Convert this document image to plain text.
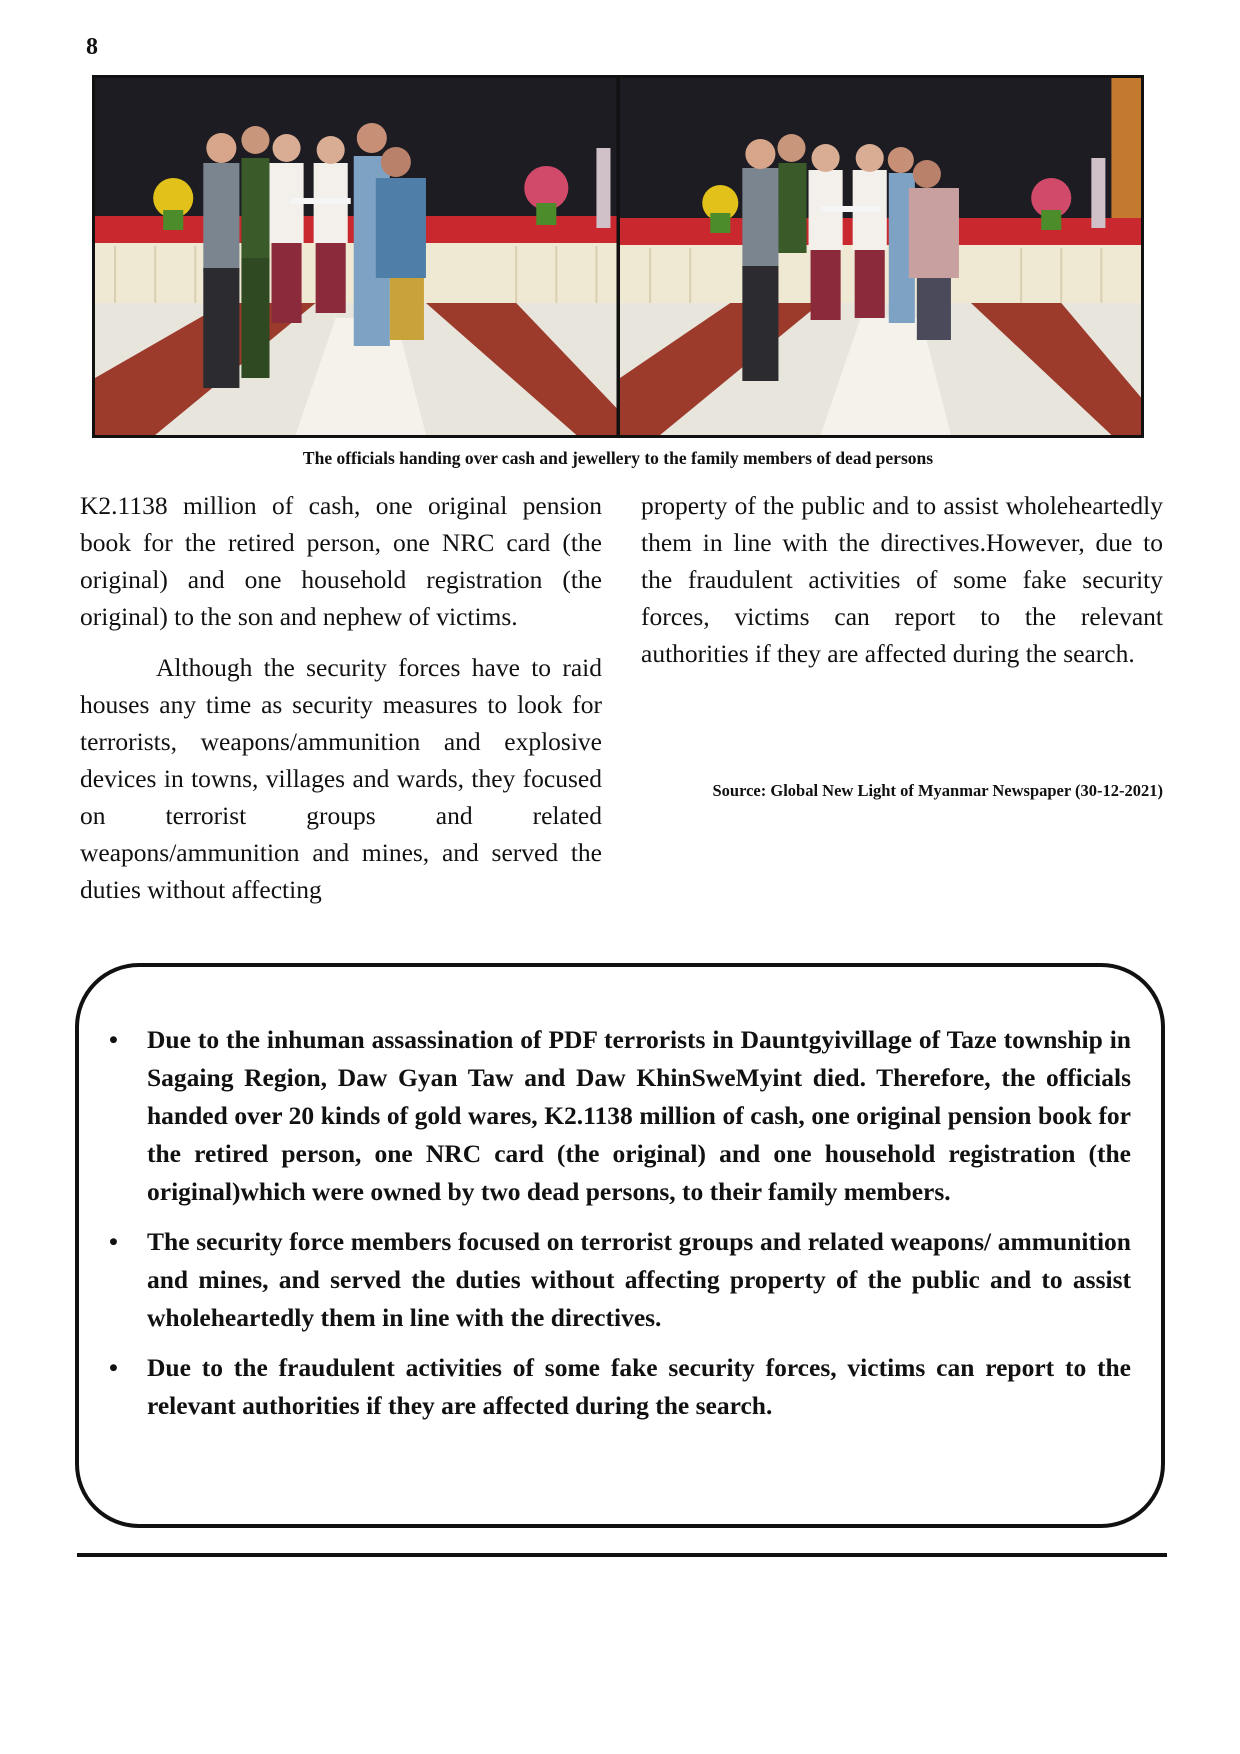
8
The officials handing over cash and jewellery to the family members of dead persons

K2.1138 million of cash, one original pension book for the retired person, one NRC card (the original) and one household registration (the original) to the son and nephew of victims.

Although the security forces have to raid houses any time as security measures to look for terrorists, weapons/ammunition and explosive devices in towns, villages and wards, they focused on terrorist groups and related weapons/ammunition and mines, and served the duties without affecting

property of the public and to assist wholeheartedly them in line with the directives.However, due to the fraudulent activities of some fake security forces, victims can report to the relevant authorities if they are affected during the search.

Source: Global New Light of Myanmar Newspaper (30-12-2021)
• Due to the inhuman assassination of PDF terrorists in Dauntgyivillage of Taze township in Sagaing Region, Daw Gyan Taw and Daw KhinSweMyint died. Therefore, the officials handed over 20 kinds of gold wares, K2.1138 million of cash, one original pension book for the retired person, one NRC card (the original) and one household registration (the original)which were owned by two dead persons, to their family members.
• The security force members focused on terrorist groups and related weapons/ ammunition and mines, and served the duties without affecting property of the public and to assist wholeheartedly them in line with the directives.
• Due to the fraudulent activities of some fake security forces, victims can report to the relevant authorities if they are affected during the search.
